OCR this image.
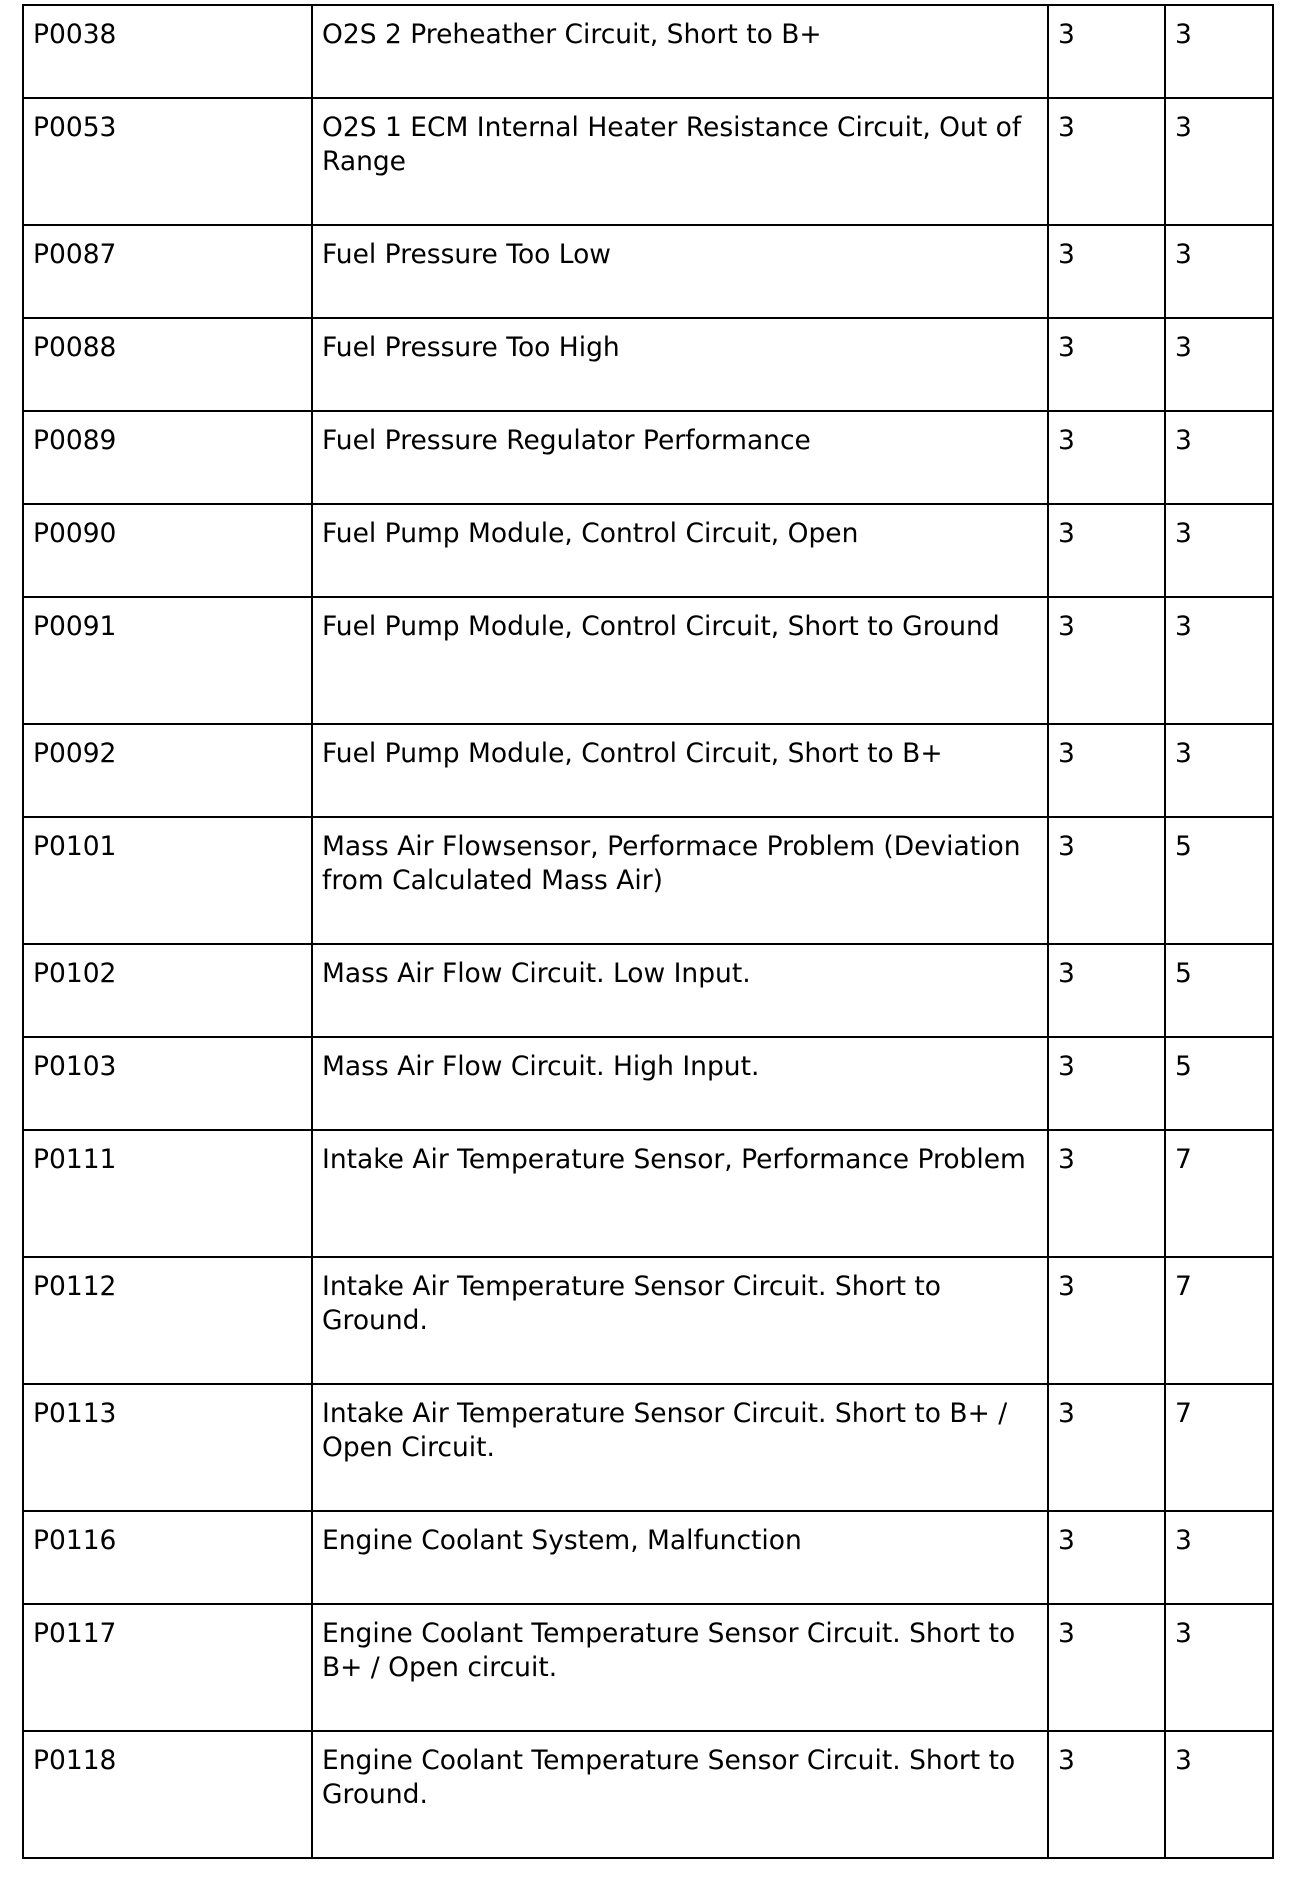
P0038	O2S 2 Preheather Circuit, Short to B+	3	3
P0053	O2S 1 ECM Internal Heater Resistance Circuit, Out of Range	3	3
P0087	Fuel Pressure Too Low	3	3
P0088	Fuel Pressure Too High	3	3
P0089	Fuel Pressure Regulator Performance	3	3
P0090	Fuel Pump Module, Control Circuit, Open	3	3
P0091	Fuel Pump Module, Control Circuit, Short to Ground	3	3
P0092	Fuel Pump Module, Control Circuit, Short to B+	3	3
P0101	Mass Air Flowsensor, Performace Problem (Deviation from Calculated Mass Air)	3	5
P0102	Mass Air Flow Circuit. Low Input.	3	5
P0103	Mass Air Flow Circuit. High Input.	3	5
P0111	Intake Air Temperature Sensor, Performance Problem	3	7
P0112	Intake Air Temperature Sensor Circuit. Short to Ground.	3	7
P0113	Intake Air Temperature Sensor Circuit. Short to B+ / Open Circuit.	3	7
P0116	Engine Coolant System, Malfunction	3	3
P0117	Engine Coolant Temperature Sensor Circuit. Short to B+ / Open circuit.	3	3
P0118	Engine Coolant Temperature Sensor Circuit. Short to Ground.	3	3
